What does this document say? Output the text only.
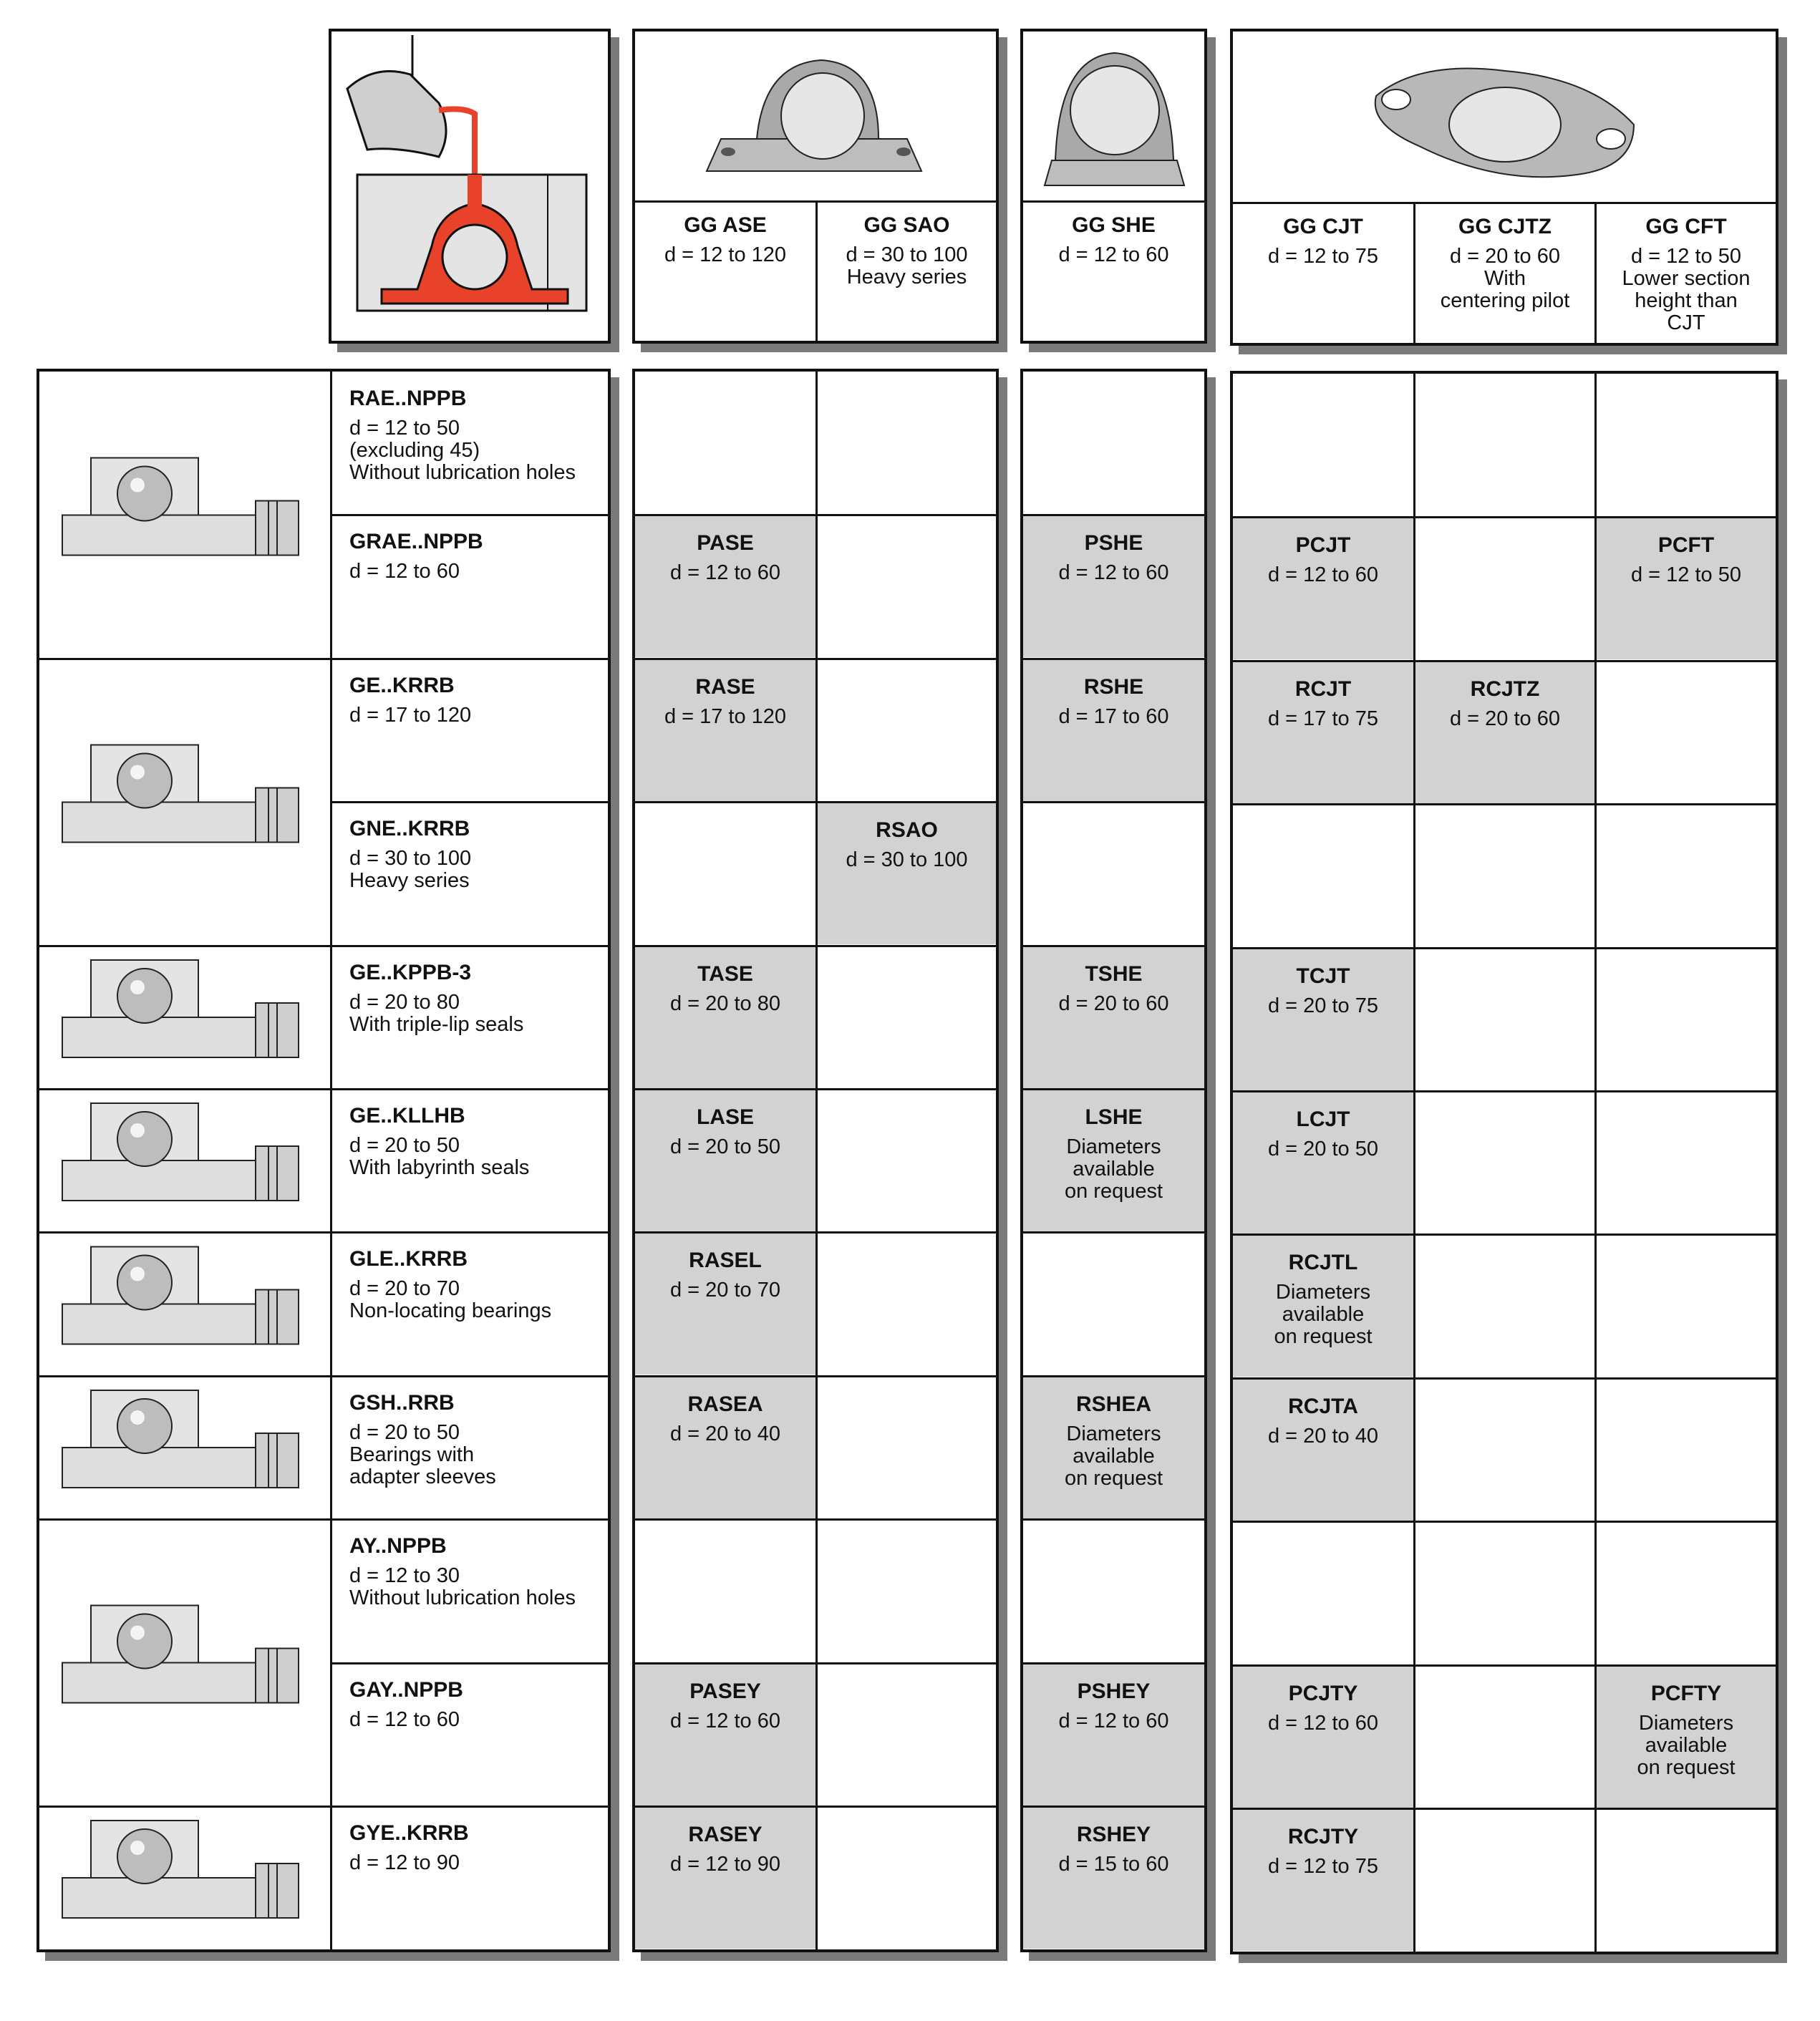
GG ASE
d = 12 to 120
GG SAO
d = 30 to 100
Heavy series
GG SHE
d = 12 to 60
GG CJT
d = 12 to 75
GG CJTZ
d = 20 to 60
With
centering pilot
GG CFT
d = 12 to 50
Lower section
height than
CJT
RAE..NPPB
d = 12 to 50
(excluding 45)
Without lubrication holes
GRAE..NPPB
d = 12 to 60
GE..KRRB
d = 17 to 120
GNE..KRRB
d = 30 to 100
Heavy series
GE..KPPB-3
d = 20 to 80
With triple-lip seals
GE..KLLHB
d = 20 to 50
With labyrinth seals
GLE..KRRB
d = 20 to 70
Non-locating bearings
GSH..RRB
d = 20 to 50
Bearings with
adapter sleeves
AY..NPPB
d = 12 to 30
Without lubrication holes
GAY..NPPB
d = 12 to 60
GYE..KRRB
d = 12 to 90
RASEY
d = 12 to 90
PASEY
d = 12 to 60
RASEA
d = 20 to 40
RASEL
d = 20 to 70
LASE
d = 20 to 50
TASE
d = 20 to 80
RSAO
d = 30 to 100
RASE
d = 17 to 120
PASE
d = 12 to 60
RSHEY
d = 15 to 60
PSHEY
d = 12 to 60
RSHEA
Diameters
available
on request
LSHE
Diameters
available
on request
TSHE
d = 20 to 60
RSHE
d = 17 to 60
PSHE
d = 12 to 60
RCJTY
d = 12 to 75
PCFTY
Diameters
available
on request
PCJTY
d = 12 to 60
RCJTA
d = 20 to 40
RCJTL
Diameters
available
on request
LCJT
d = 20 to 50
TCJT
d = 20 to 75
RCJTZ
d = 20 to 60
RCJT
d = 17 to 75
PCFT
d = 12 to 50
PCJT
d = 12 to 60
